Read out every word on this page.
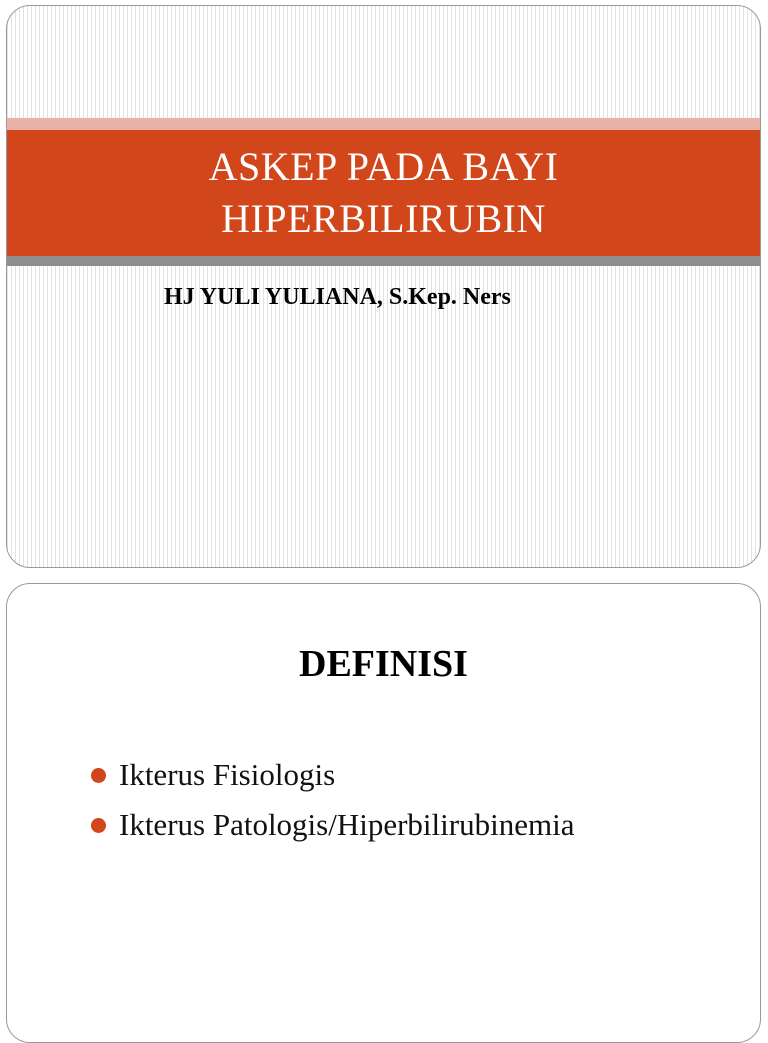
ASKEP PADA BAYI
HIPERBILIRUBIN
HJ YULI YULIANA, S.Kep. Ners
DEFINISI
Ikterus Fisiologis
Ikterus Patologis/Hiperbilirubinemia
